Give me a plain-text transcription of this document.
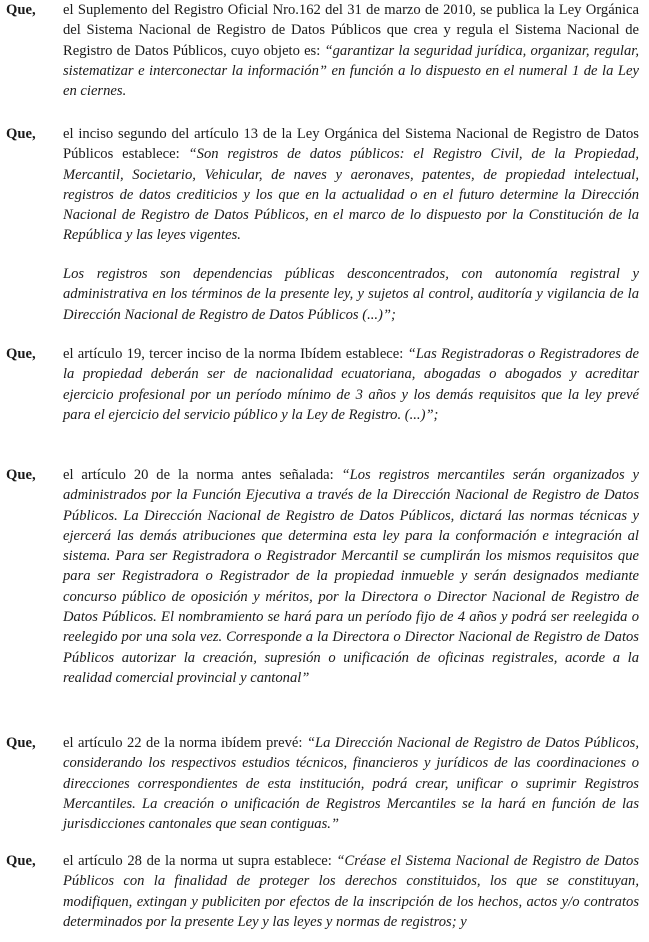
Que,	el Suplemento del Registro Oficial Nro.162 del 31 de marzo de 2010, se publica la Ley Orgánica del Sistema Nacional de Registro de Datos Públicos que crea y regula el Sistema Nacional de Registro de Datos Públicos, cuyo objeto es: “garantizar la seguridad jurídica, organizar, regular, sistematizar e interconectar la información” en función a lo dispuesto en el numeral 1 de la Ley en ciernes.
Que,	el inciso segundo del artículo 13 de la Ley Orgánica del Sistema Nacional de Registro de Datos Públicos establece: “Son registros de datos públicos: el Registro Civil, de la Propiedad, Mercantil, Societario, Vehicular, de naves y aeronaves, patentes, de propiedad intelectual, registros de datos crediticios y los que en la actualidad o en el futuro determine la Dirección Nacional de Registro de Datos Públicos, en el marco de lo dispuesto por la Constitución de la República y las leyes vigentes.
Los registros son dependencias públicas desconcentrados, con autonomía registral y administrativa en los términos de la presente ley, y sujetos al control, auditoría y vigilancia de la Dirección Nacional de Registro de Datos Públicos (...)”;
Que,	el artículo 19, tercer inciso de la norma Ibídem establece: “Las Registradoras o Registradores de la propiedad deberán ser de nacionalidad ecuatoriana, abogadas o abogados y acreditar ejercicio profesional por un período mínimo de 3 años y los demás requisitos que la ley prevé para el ejercicio del servicio público y la Ley de Registro. (...)”;
Que,	el artículo 20 de la norma antes señalada: “Los registros mercantiles serán organizados y administrados por la Función Ejecutiva a través de la Dirección Nacional de Registro de Datos Públicos. La Dirección Nacional de Registro de Datos Públicos, dictará las normas técnicas y ejercerá las demás atribuciones que determina esta ley para la conformación e integración al sistema. Para ser Registradora o Registrador Mercantil se cumplirán los mismos requisitos que para ser Registradora o Registrador de la propiedad inmueble y serán designados mediante concurso público de oposición y méritos, por la Directora o Director Nacional de Registro de Datos Públicos. El nombramiento se hará para un período fijo de 4 años y podrá ser reelegida o reelegido por una sola vez. Corresponde a la Directora o Director Nacional de Registro de Datos Públicos autorizar la creación, supresión o unificación de oficinas registrales, acorde a la realidad comercial provincial y cantonal”
Que,	el artículo 22 de la norma ibídem prevé: “La Dirección Nacional de Registro de Datos Públicos, considerando los respectivos estudios técnicos, financieros y jurídicos de las coordinaciones o direcciones correspondientes de esta institución, podrá crear, unificar o suprimir Registros Mercantiles. La creación o unificación de Registros Mercantiles se la hará en función de las jurisdicciones cantonales que sean contiguas.”
Que,	el artículo 28 de la norma ut supra establece: “Créase el Sistema Nacional de Registro de Datos Públicos con la finalidad de proteger los derechos constituidos, los que se constituyan, modifiquen, extingan y publiciten por efectos de la inscripción de los hechos, actos y/o contratos determinados por la presente Ley y las leyes y normas de registros; y
